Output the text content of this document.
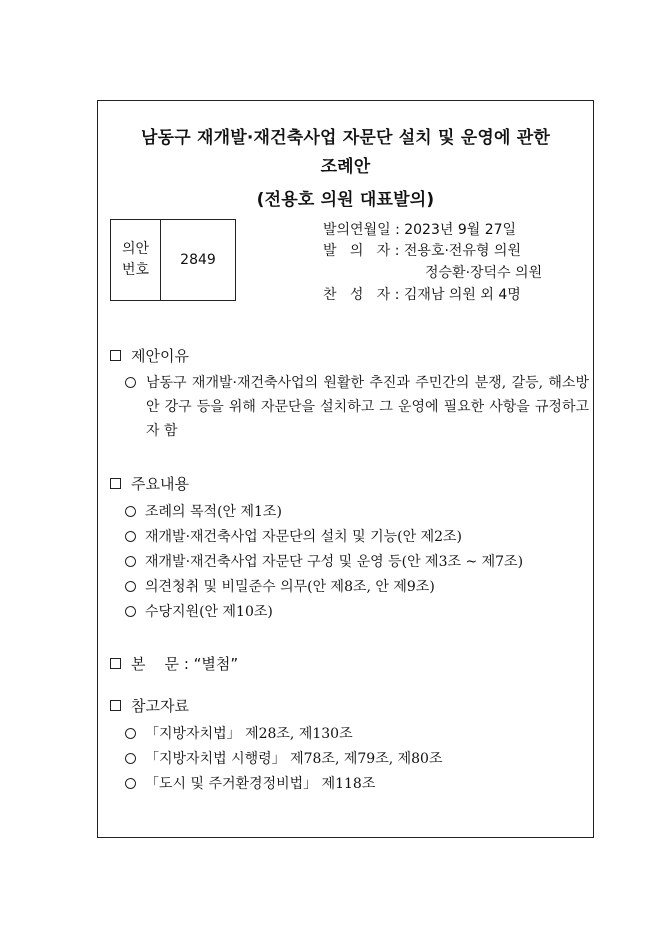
남동구 재개발·재건축사업 자문단 설치 및 운영에 관한
조례안
(전용호 의원 대표발의)
의안
번호	2849
발의연월일 : 2023년 9월 27일
발   의   자 : 전용호·전유형 의원
정승환·장덕수 의원
찬   성   자 : 김재남 의원 외 4명
제안이유
남동구 재개발·재건축사업의 원활한 추진과 주민간의 분쟁, 갈등, 해소방안 강구 등을 위해 자문단을 설치하고 그 운영에 필요한 사항을 규정하고자 함
주요내용
조례의 목적(안 제1조)
재개발·재건축사업 자문단의 설치 및 기능(안 제2조)
재개발·재건축사업 자문단 구성 및 운영 등(안 제3조 ~ 제7조)
의견청취 및 비밀준수 의무(안 제8조, 안 제9조)
수당지원(안 제10조)
본    문 : “별첨”
참고자료
「지방자치법」 제28조, 제130조
「지방자치법 시행령」 제78조, 제79조, 제80조
「도시 및 주거환경정비법」 제118조
